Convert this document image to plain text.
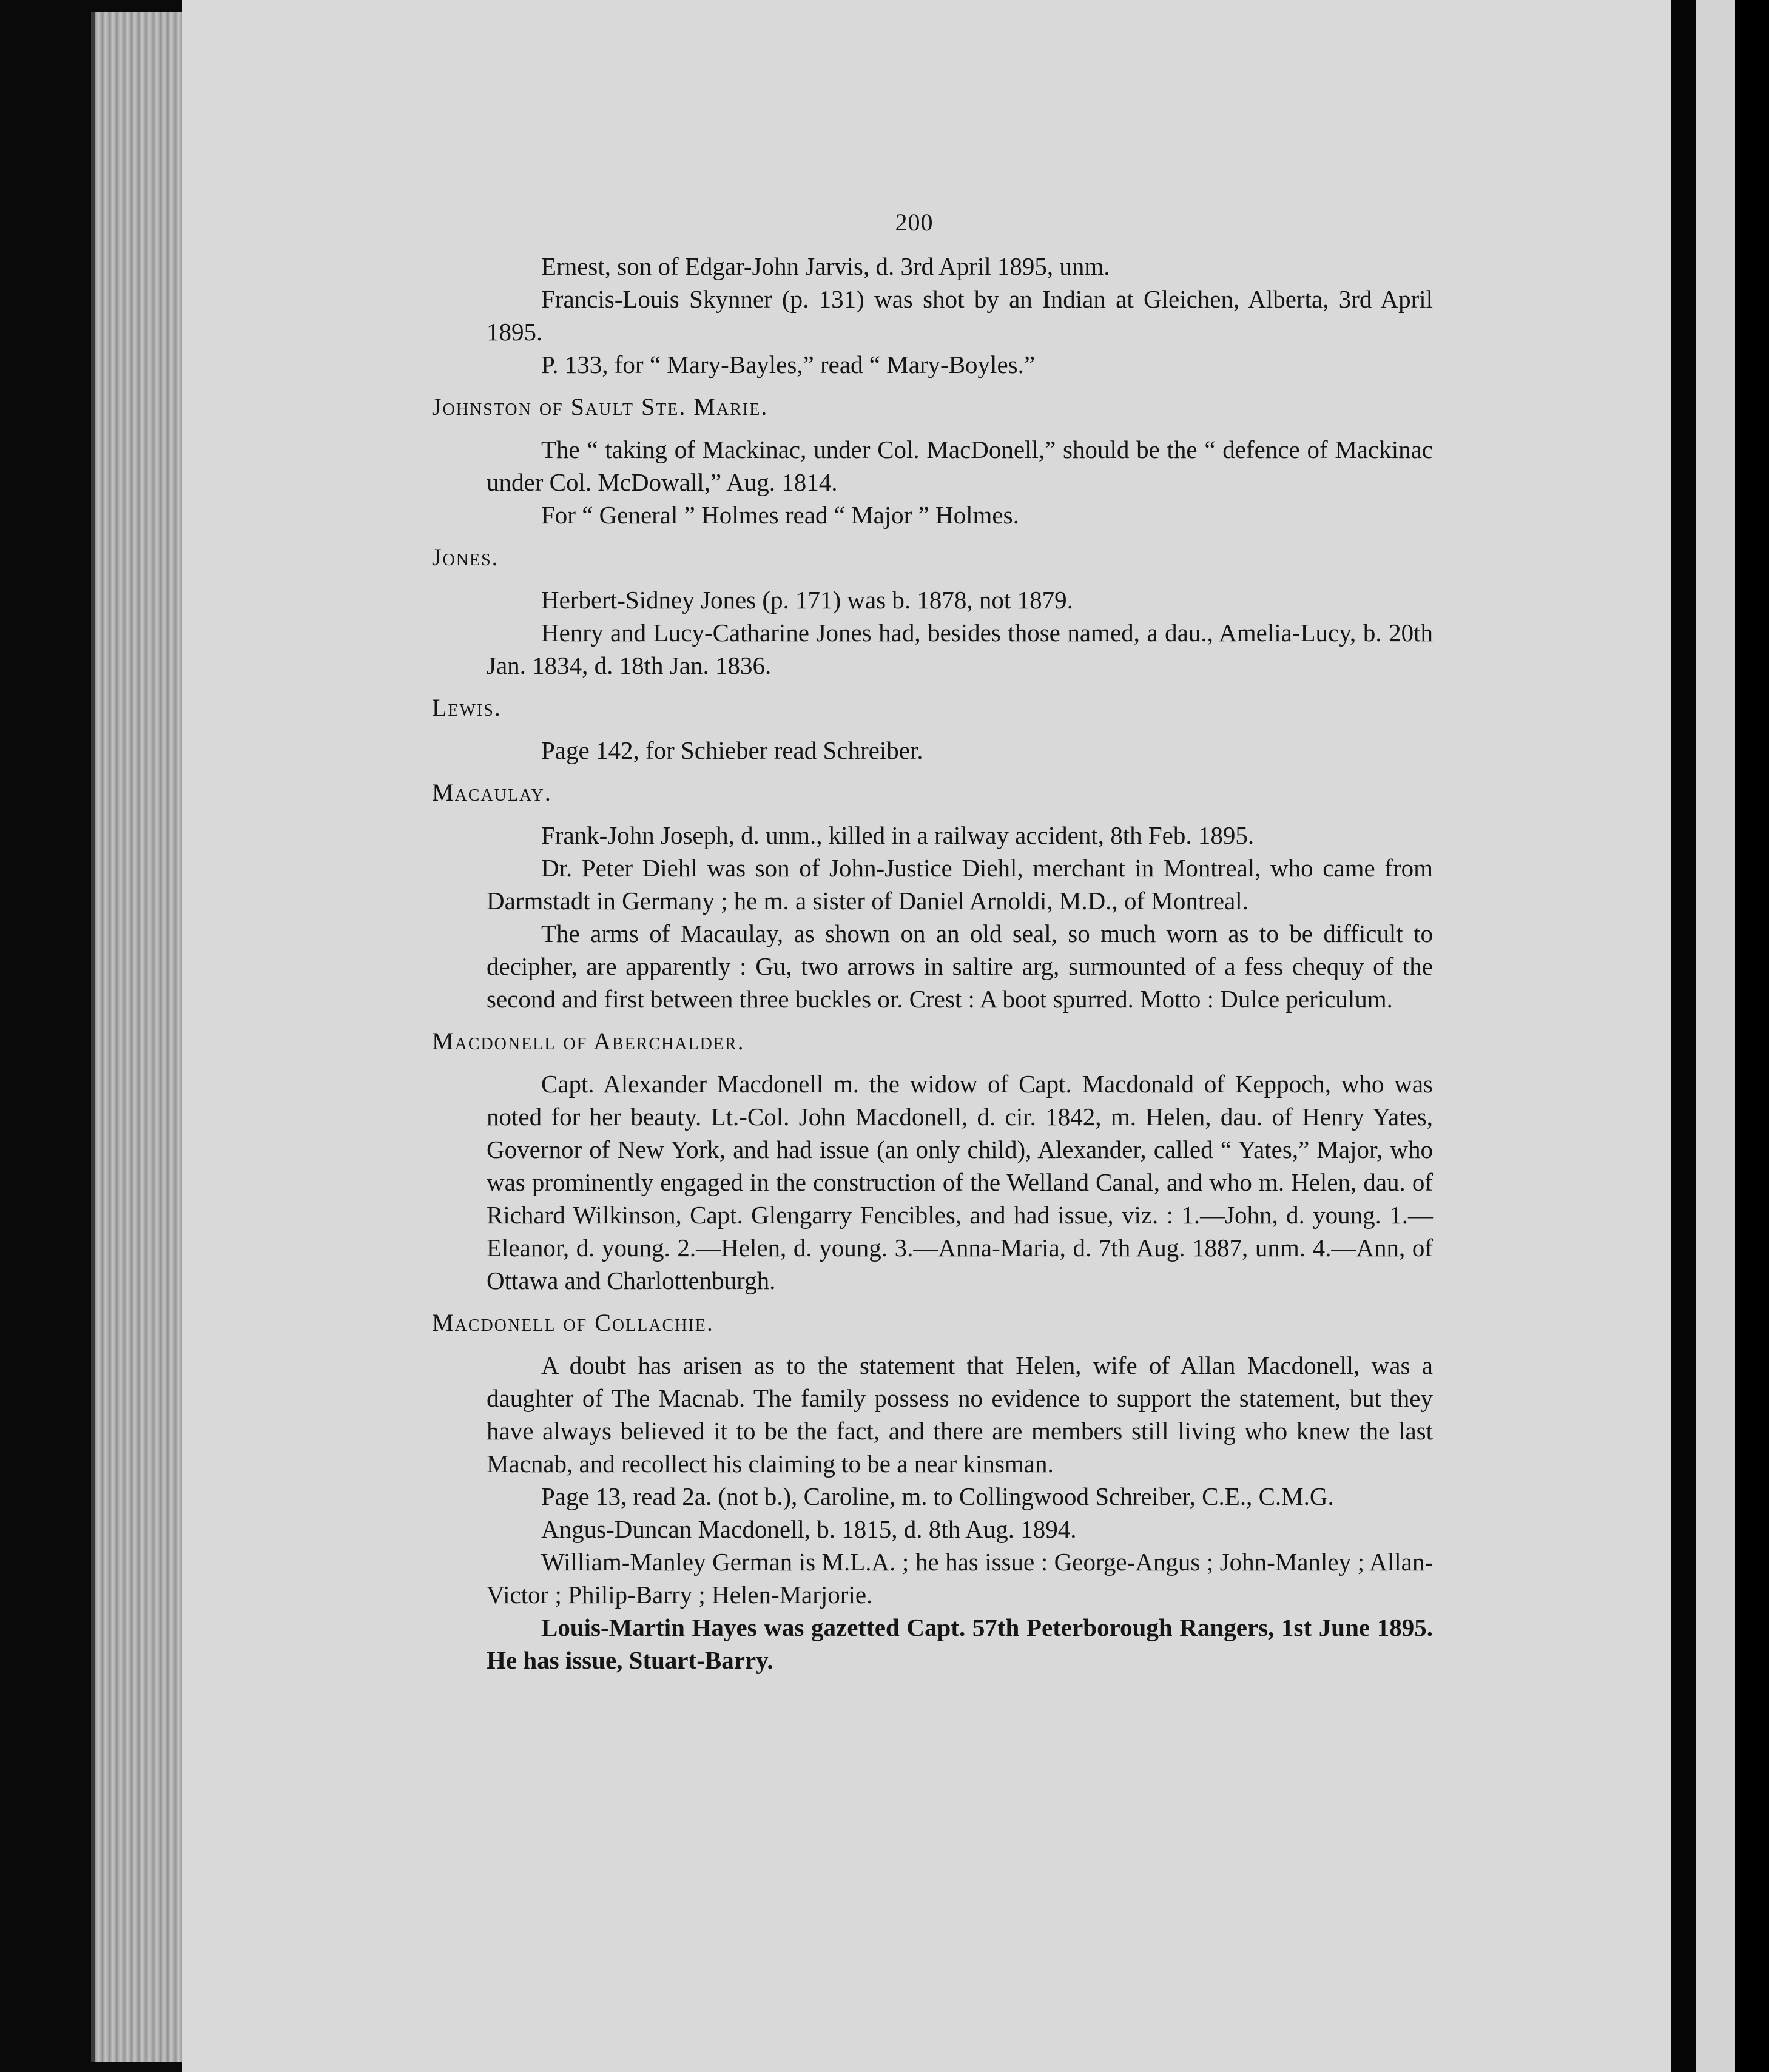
200

Ernest, son of Edgar-John Jarvis, d. 3rd April 1895, unm.

Francis-Louis Skynner (p. 131) was shot by an Indian at Gleichen, Alberta, 3rd April 1895.

P. 133, for “ Mary-Bayles,” read “ Mary-Boyles.”

Johnston of Sault Ste. Marie.

The “ taking of Mackinac, under Col. MacDonell,” should be the “ defence of Mackinac under Col. McDowall,” Aug. 1814.

For “ General ” Holmes read “ Major ” Holmes.

Jones.

Herbert-Sidney Jones (p. 171) was b. 1878, not 1879.

Henry and Lucy-Catharine Jones had, besides those named, a dau., Amelia-Lucy, b. 20th Jan. 1834, d. 18th Jan. 1836.

Lewis.

Page 142, for Schieber read Schreiber.

Macaulay.

Frank-John Joseph, d. unm., killed in a railway accident, 8th Feb. 1895.

Dr. Peter Diehl was son of John-Justice Diehl, merchant in Montreal, who came from Darmstadt in Germany ; he m. a sister of Daniel Arnoldi, M.D., of Montreal.

The arms of Macaulay, as shown on an old seal, so much worn as to be difficult to decipher, are apparently : Gu, two arrows in saltire arg, surmounted of a fess chequy of the second and first between three buckles or. Crest : A boot spurred. Motto : Dulce periculum.

Macdonell of Aberchalder.

Capt. Alexander Macdonell m. the widow of Capt. Macdonald of Keppoch, who was noted for her beauty. Lt.-Col. John Macdonell, d. cir. 1842, m. Helen, dau. of Henry Yates, Governor of New York, and had issue (an only child), Alexander, called “ Yates,” Major, who was prominently engaged in the construction of the Welland Canal, and who m. Helen, dau. of Richard Wilkinson, Capt. Glengarry Fencibles, and had issue, viz. : 1.—John, d. young. 1.—Eleanor, d. young. 2.—Helen, d. young. 3.—Anna-Maria, d. 7th Aug. 1887, unm. 4.—Ann, of Ottawa and Charlottenburgh.

Macdonell of Collachie.

A doubt has arisen as to the statement that Helen, wife of Allan Macdonell, was a daughter of The Macnab. The family possess no evidence to support the statement, but they have always believed it to be the fact, and there are members still living who knew the last Macnab, and recollect his claiming to be a near kinsman.

Page 13, read 2a. (not b.), Caroline, m. to Collingwood Schreiber, C.E., C.M.G.

Angus-Duncan Macdonell, b. 1815, d. 8th Aug. 1894.

William-Manley German is M.L.A. ; he has issue : George-Angus ; John-Manley ; Allan-Victor ; Philip-Barry ; Helen-Marjorie.

Louis-Martin Hayes was gazetted Capt. 57th Peterborough Rangers, 1st June 1895. He has issue, Stuart-Barry.
